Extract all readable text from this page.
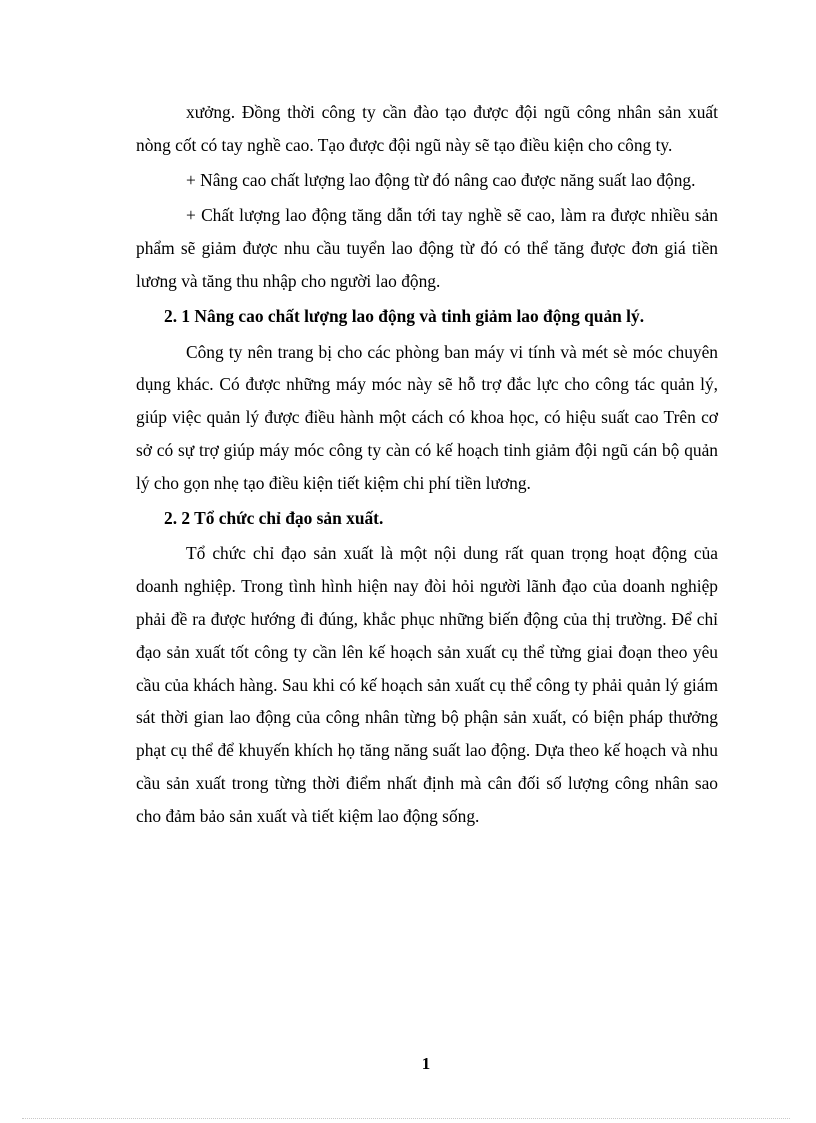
xưởng. Đồng thời công ty cần đào tạo được đội ngũ công nhân sản xuất nòng cốt có tay nghề cao. Tạo được đội ngũ này sẽ tạo điều kiện cho công ty.

+ Nâng cao chất lượng lao động từ đó nâng cao được năng suất lao động.

+ Chất lượng lao động tăng dẫn tới tay nghề sẽ cao, làm ra được nhiều sản phẩm sẽ giảm được nhu cầu tuyển lao động từ đó có thể tăng được đơn giá tiền lương và tăng thu nhập cho người lao động.

2. 1 Nâng cao chất lượng lao động và tinh giảm lao động quản lý.

Công ty nên trang bị cho các phòng ban máy vi tính và mét sè móc chuyên dụng khác. Có được những máy móc này sẽ hỗ trợ đắc lực cho công tác quản lý, giúp việc quản lý được điều hành một cách có khoa học, có hiệu suất cao Trên cơ sở có sự trợ giúp máy móc công ty càn có kế hoạch tinh giảm đội ngũ cán bộ quản lý cho gọn nhẹ tạo điều kiện tiết kiệm chi phí tiền lương.

2. 2 Tổ chức chỉ đạo sản xuất.

Tổ chức chỉ đạo sản xuất là một nội dung rất quan trọng hoạt động của doanh nghiệp. Trong tình hình hiện nay đòi hỏi người lãnh đạo của doanh nghiệp phải đề ra được hướng đi đúng, khắc phục những biến động của thị trường. Để chỉ đạo sản xuất tốt công ty cần lên kế hoạch sản xuất cụ thể từng giai đoạn theo yêu cầu của khách hàng. Sau khi có kế hoạch sản xuất cụ thể công ty phải quản lý giám sát thời gian lao động của công nhân từng bộ phận sản xuất, có biện pháp thưởng phạt cụ thể để khuyến khích họ tăng năng suất lao động. Dựa theo kế hoạch và nhu cầu sản xuất trong từng thời điểm nhất định mà cân đối số lượng công nhân sao cho đảm bảo sản xuất và tiết kiệm lao động sống.

1
